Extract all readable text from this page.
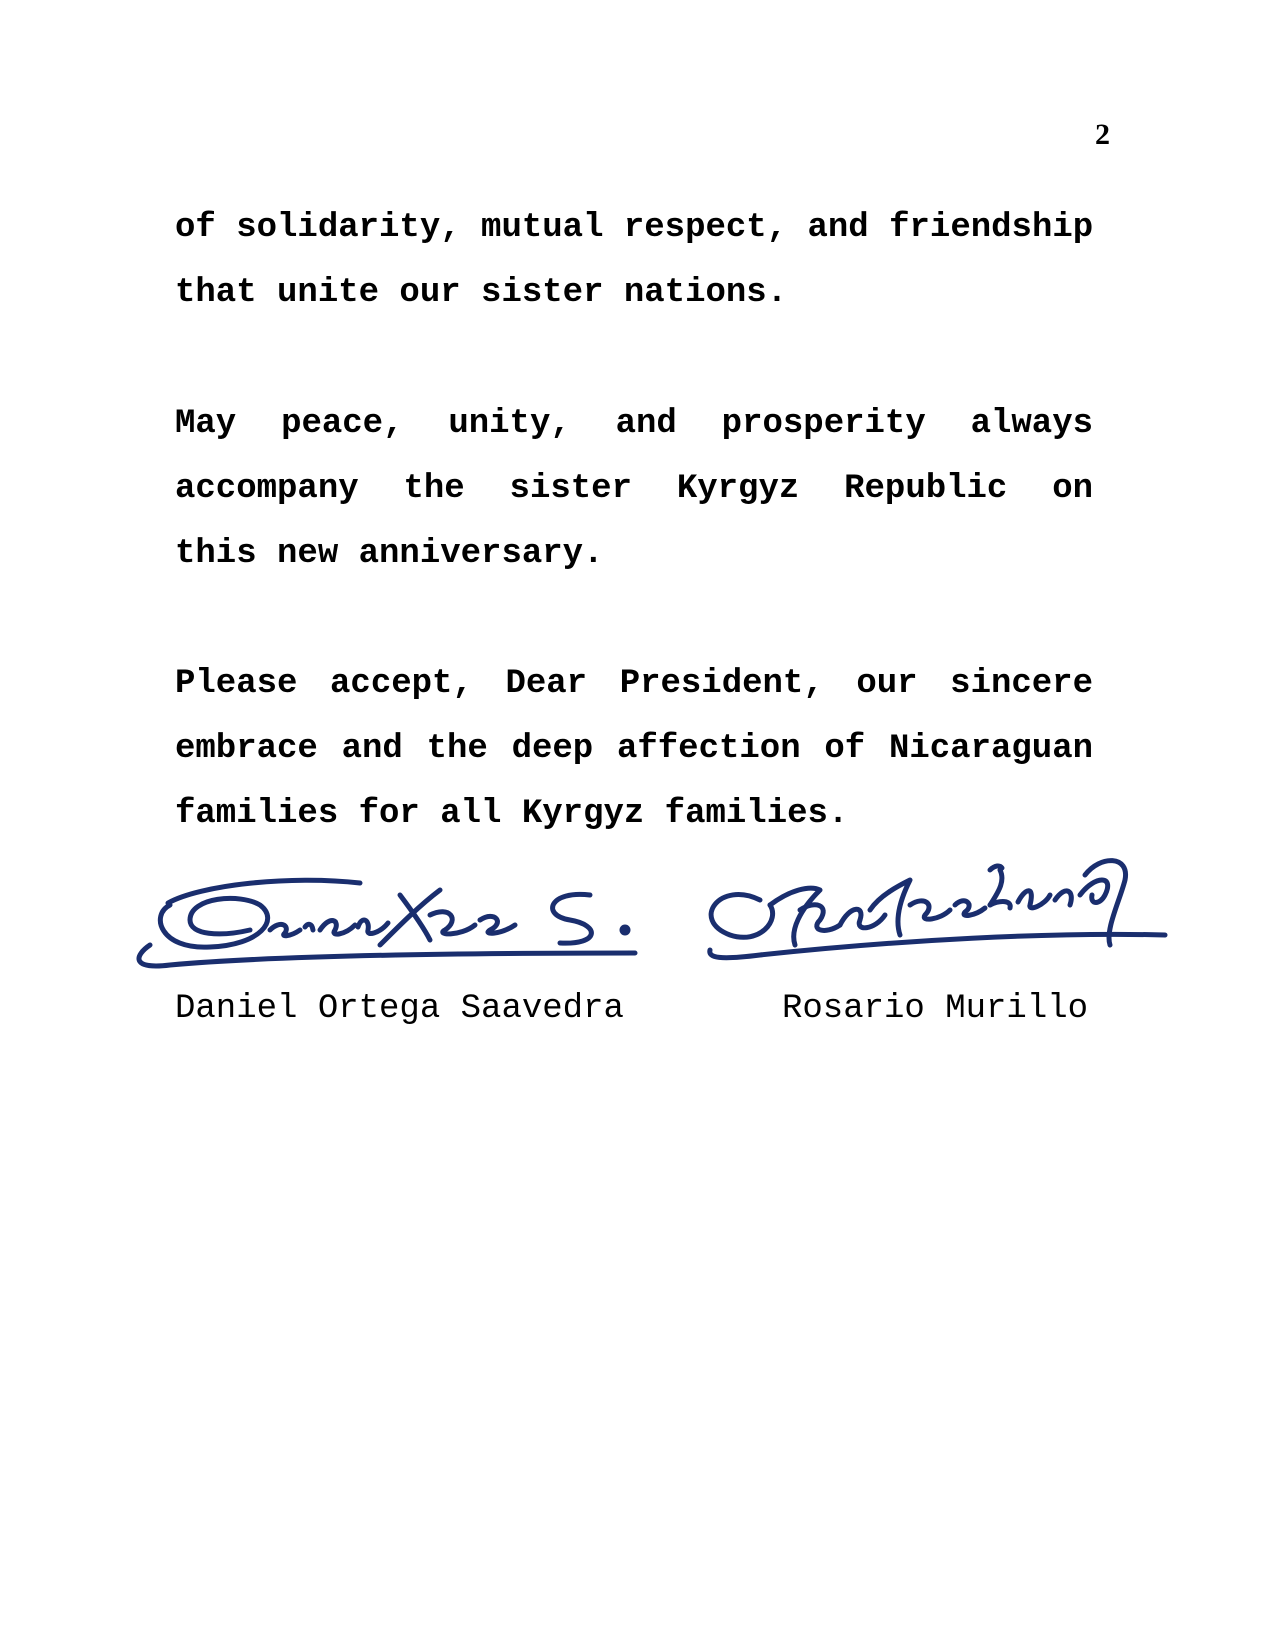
2

of solidarity, mutual respect, and friendship
that unite our sister nations.

May peace, unity, and prosperity always
accompany the sister Kyrgyz Republic on
this new anniversary.

Please accept, Dear President, our sincere
embrace and the deep affection of Nicaraguan
families for all Kyrgyz families.

Daniel Ortega Saavedra	Rosario Murillo
